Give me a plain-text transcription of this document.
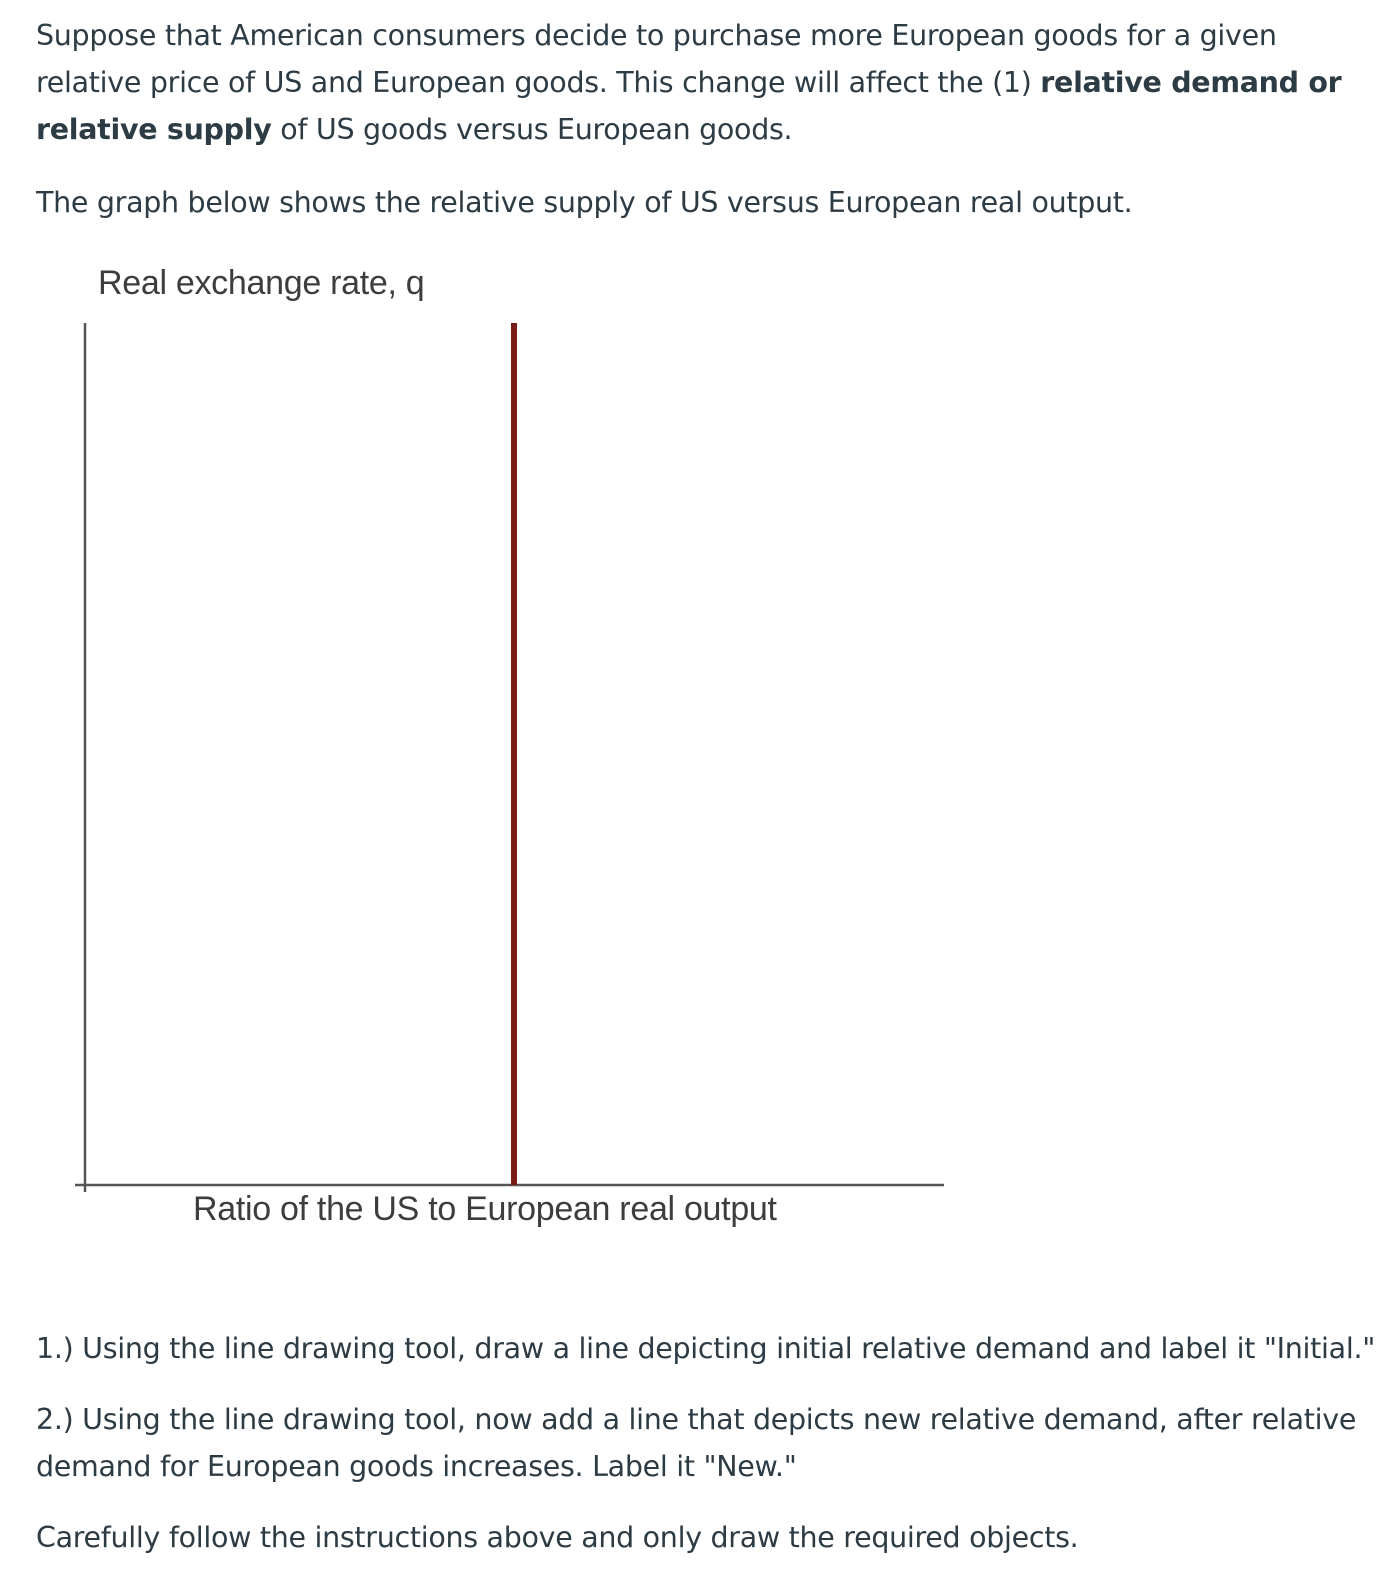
Suppose that American consumers decide to purchase more European goods for a given relative price of US and European goods. This change will affect the (1) relative demand or relative supply of US goods versus European goods.

The graph below shows the relative supply of US versus European real output.

Real exchange rate, q
Ratio of the US to European real output

1.) Using the line drawing tool, draw a line depicting initial relative demand and label it "Initial."

2.) Using the line drawing tool, now add a line that depicts new relative demand, after relative demand for European goods increases. Label it "New."

Carefully follow the instructions above and only draw the required objects.
